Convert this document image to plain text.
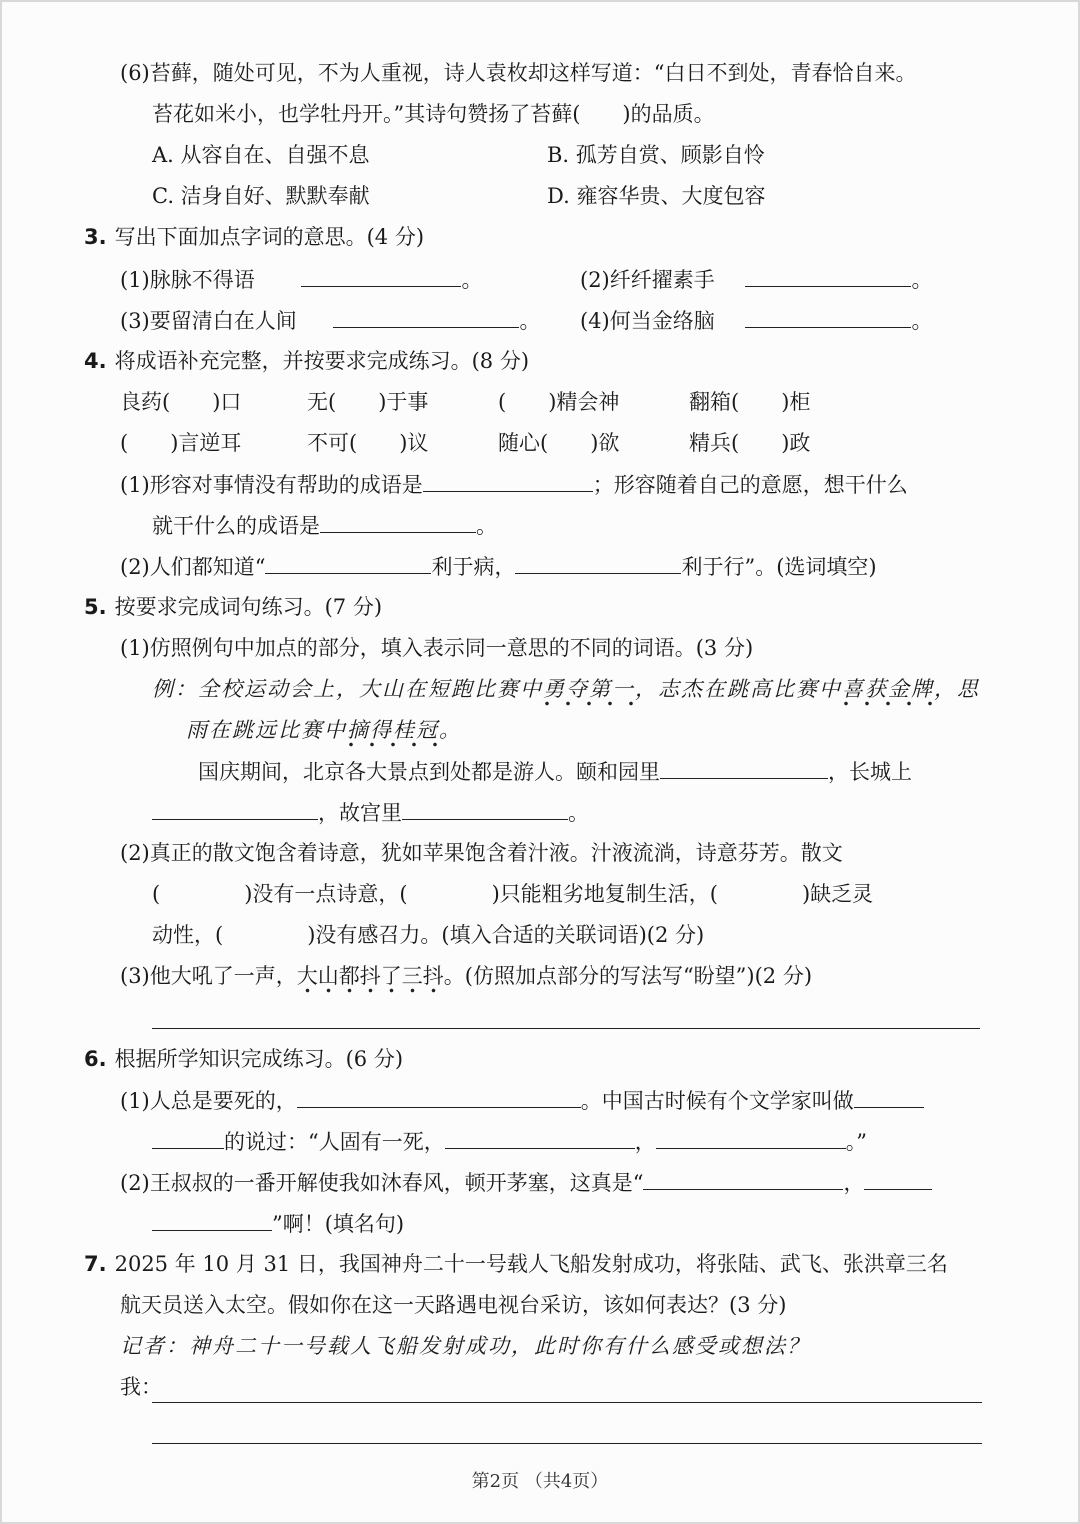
(6)苔藓，随处可见，不为人重视，诗人袁枚却这样写道：“白日不到处，青春恰自来。
苔花如米小，也学牡丹开。”其诗句赞扬了苔藓(　　)的品质。
A. 从容自在、自强不息	B. 孤芳自赏、顾影自怜
C. 洁身自好、默默奉献	D. 雍容华贵、大度包容
3. 写出下面加点字词的意思。(4 分)
(1)脉脉不得语	。	(2)纤纤擢素手	。
(3)要留清白在人间	。 (4)何当金络脑	。
4. 将成语补充完整，并按要求完成练习。(8 分)
良药(　　)口	无(　　)于事	(　　)精会神	翻箱(　　)柜
(　　)言逆耳	不可(　　)议	随心(　　)欲	精兵(　　)政
(1)形容对事情没有帮助的成语是	；形容随着自己的意愿，想干什么
就干什么的成语是	。
(2)人们都知道“	利于病，	利于行”。(选词填空)
5. 按要求完成词句练习。(7 分)
(1)仿照例句中加点的部分，填入表示同一意思的不同的词语。(3 分)
例：全校运动会上，大山在短跑比赛中勇夺第一，志杰在跳高比赛中喜获金牌，思
雨在跳远比赛中摘得桂冠。
国庆期间，北京各大景点到处都是游人。颐和园里	，长城上
，故宫里	。
(2)真正的散文饱含着诗意，犹如苹果饱含着汁液。汁液流淌，诗意芬芳。散文
(　　　　)没有一点诗意，(　　　　)只能粗劣地复制生活，(　　　　)缺乏灵
动性，(　　　　)没有感召力。(填入合适的关联词语)(2 分)
(3)他大吼了一声，大山都抖了三抖。(仿照加点部分的写法写“盼望”)(2 分)
6. 根据所学知识完成练习。(6 分)
(1)人总是要死的，	。中国古时候有个文学家叫做
的说过：“人固有一死，	，	。”
(2)王叔叔的一番开解使我如沐春风，顿开茅塞，这真是“	，
”啊！(填名句)
7. 2025 年 10 月 31 日，我国神舟二十一号载人飞船发射成功，将张陆、武飞、张洪章三名
航天员送入太空。假如你在这一天路遇电视台采访，该如何表达？(3 分)
记者：神舟二十一号载人飞船发射成功，此时你有什么感受或想法？
我：
第2页 （共4页）
